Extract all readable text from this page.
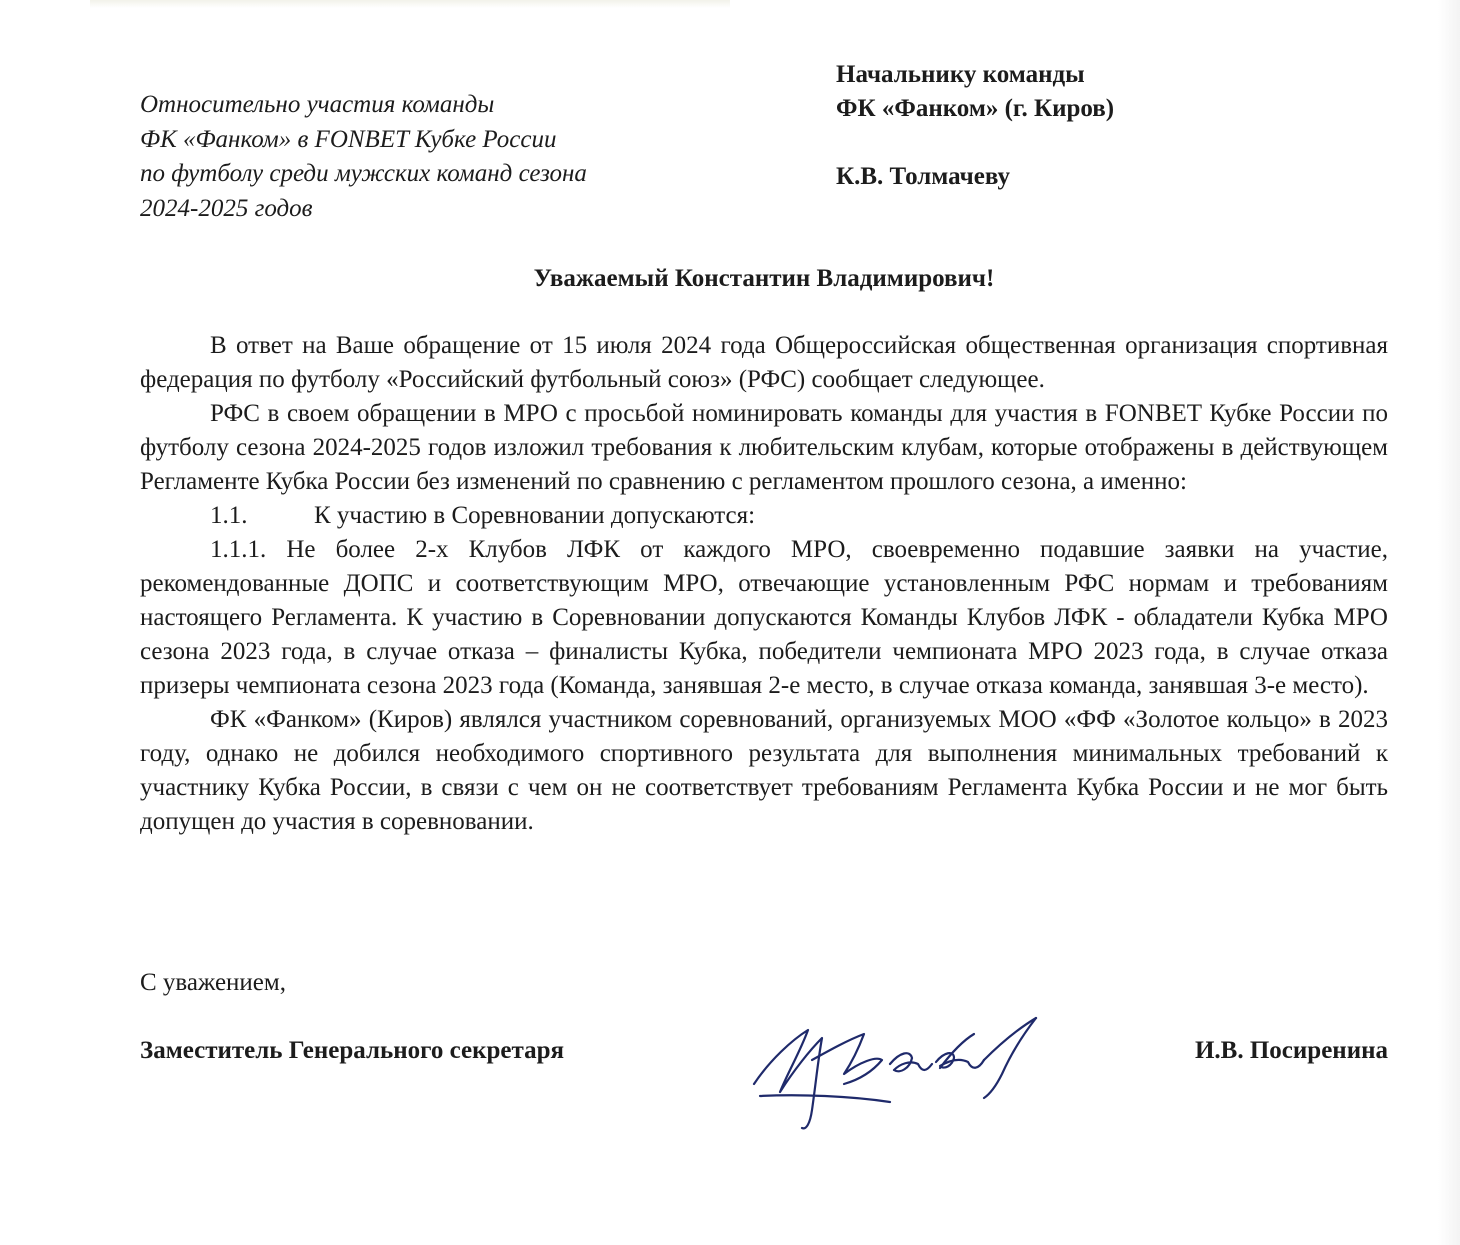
Относительно участия команды
ФК «Фанком» в FONBET Кубке России
по футболу среди мужских команд сезона
2024-2025 годов
Начальнику команды
ФК «Фанком» (г. Киров)
К.В. Толмачеву
Уважаемый Константин Владимирович!

В ответ на Ваше обращение от 15 июля 2024 года Общероссийская общественная организация спортивная федерация по футболу «Российский футбольный союз» (РФС) сообщает следующее.

РФС в своем обращении в МРО с просьбой номинировать команды для участия в FONBET Кубке России по футболу сезона 2024-2025 годов изложил требования к любительским клубам, которые отображены в действующем Регламенте Кубка России без изменений по сравнению с регламентом прошлого сезона, а именно:

1.1.	К участию в Соревновании допускаются:

1.1.1. Не более 2-х Клубов ЛФК от каждого МРО, своевременно подавшие заявки на участие, рекомендованные ДОПС и соответствующим МРО, отвечающие установленным РФС нормам и требованиям настоящего Регламента. К участию в Соревновании допускаются Команды Клубов ЛФК - обладатели Кубка МРО сезона 2023 года, в случае отказа – финалисты Кубка, победители чемпионата МРО 2023 года, в случае отказа призеры чемпионата сезона 2023 года (Команда, занявшая 2-е место, в случае отказа команда, занявшая 3-е место).

ФК «Фанком» (Киров) являлся участником соревнований, организуемых МОО «ФФ «Золотое кольцо» в 2023 году, однако не добился необходимого спортивного результата для выполнения минимальных требований к участнику Кубка России, в связи с чем он не соответствует требованиям Регламента Кубка России и не мог быть допущен до участия в соревновании.

С уважением,
Заместитель Генерального секретаря	И.В. Посиренина
